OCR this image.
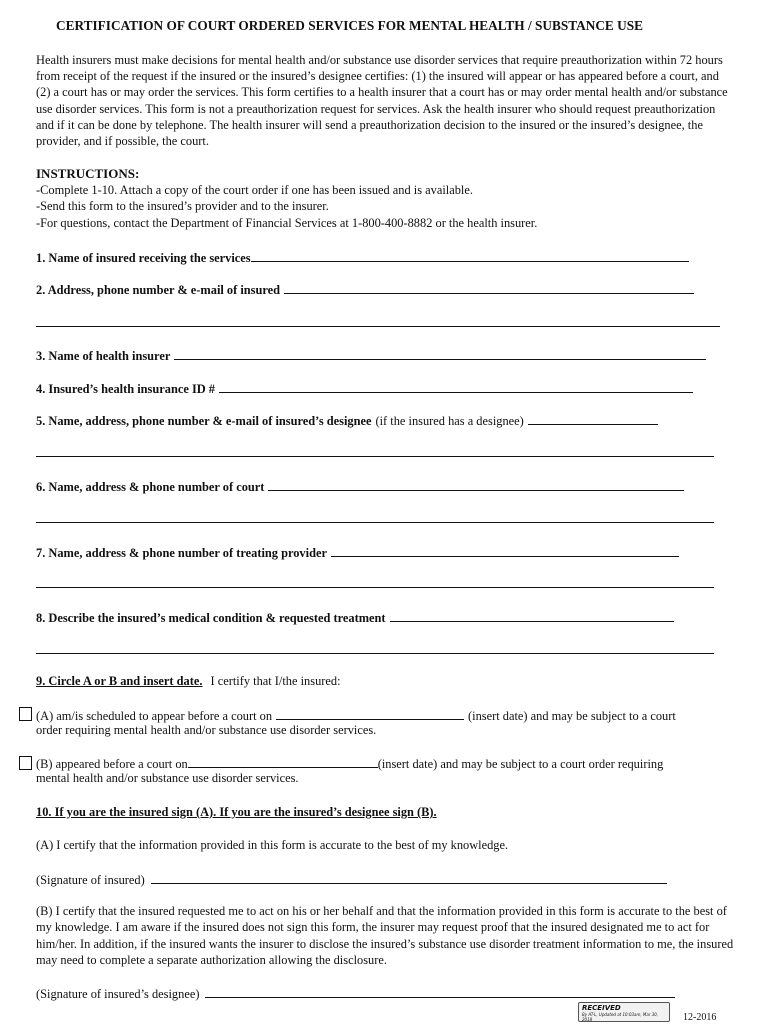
CERTIFICATION OF COURT ORDERED SERVICES FOR MENTAL HEALTH / SUBSTANCE USE
Health insurers must make decisions for mental health and/or substance use disorder services that require preauthorization within 72 hours from receipt of the request if the insured or the insured’s designee certifies: (1) the insured will appear or has appeared before a court, and (2) a court has or may order the services. This form certifies to a health insurer that a court has or may order mental health and/or substance use disorder services. This form is not a preauthorization request for services. Ask the health insurer who should request preauthorization and if it can be done by telephone. The health insurer will send a preauthorization decision to the insured or the insured’s designee, the provider, and if possible, the court.
INSTRUCTIONS:
-Complete 1-10. Attach a copy of the court order if one has been issued and is available.
-Send this form to the insured’s provider and to the insurer.
-For questions, contact the Department of Financial Services at 1-800-400-8882 or the health insurer.
1. Name of insured receiving the services
2. Address, phone number & e-mail of insured
3. Name of health insurer
4. Insured’s health insurance ID #
5. Name, address, phone number & e-mail of insured’s designee (if the insured has a designee)
6. Name, address & phone number of court
7. Name, address & phone number of treating provider
8. Describe the insured’s medical condition & requested treatment
9. Circle A or B and insert date. I certify that I/the insured:
(A) am/is scheduled to appear before a court on	(insert date) and may be subject to a court
order requiring mental health and/or substance use disorder services.
(B) appeared before a court on	(insert date) and may be subject to a court order requiring
mental health and/or substance use disorder services.
10. If you are the insured sign (A). If you are the insured’s designee sign (B).
(A) I certify that the information provided in this form is accurate to the best of my knowledge.
(Signature of insured)
(B) I certify that the insured requested me to act on his or her behalf and that the information provided in this form is accurate to the best of my knowledge. I am aware if the insured does not sign this form, the insurer may request proof that the insured designated me to act for him/her. In addition, if the insured wants the insurer to disclose the insured’s substance use disorder treatment information to me, the insured may need to complete a separate authorization allowing the disclosure.
(Signature of insured’s designee)
RECEIVED
By AT-L, Updated at 10:03am, Mar 30, 2018	12-2016
